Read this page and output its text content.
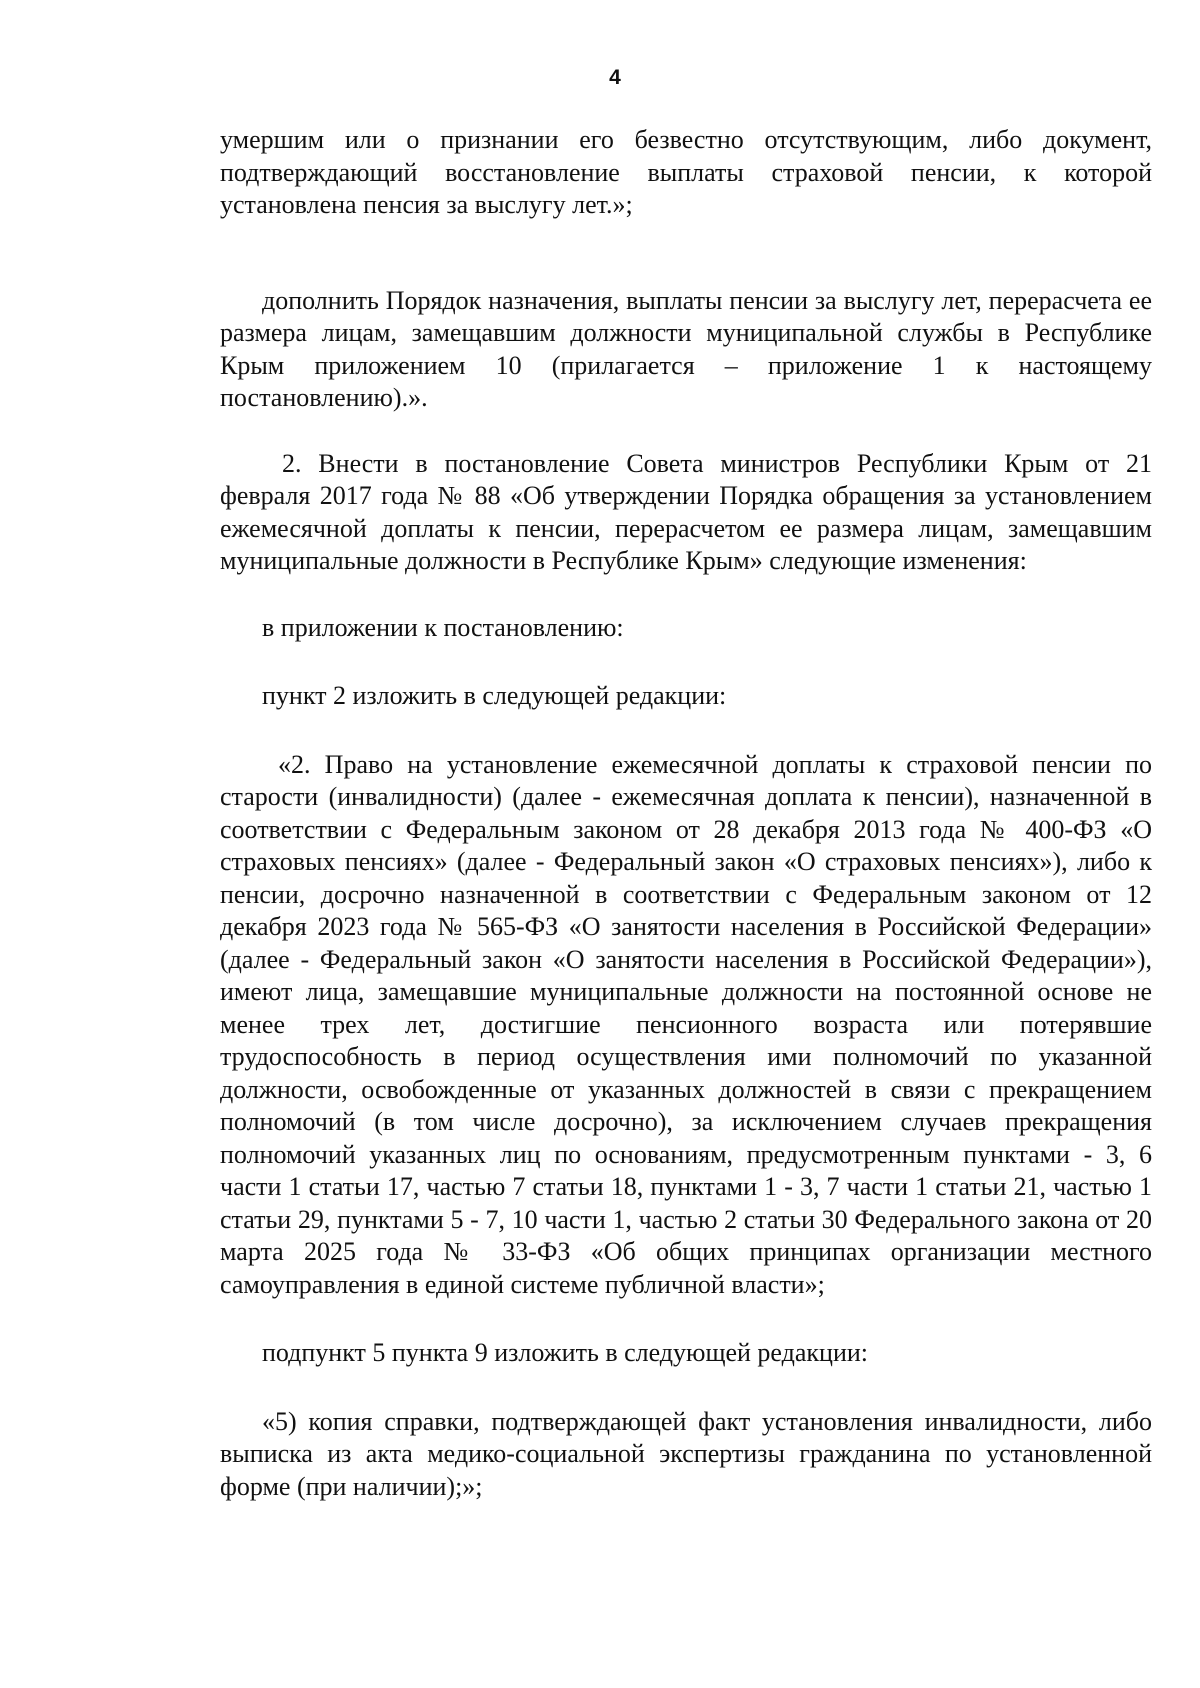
4

умершим или о признании его безвестно отсутствующим, либо документ, подтверждающий восстановление выплаты страховой пенсии, к которой установлена пенсия за выслугу лет.»;

дополнить Порядок назначения, выплаты пенсии за выслугу лет, перерасчета ее размера лицам, замещавшим должности муниципальной службы в Республике Крым приложением 10 (прилагается – приложение 1 к настоящему постановлению).».

2. Внести в постановление Совета министров Республики Крым от 21 февраля 2017 года № 88 «Об утверждении Порядка обращения за установлением ежемесячной доплаты к пенсии, перерасчетом ее размера лицам, замещавшим муниципальные должности в Республике Крым» следующие изменения:

в приложении к постановлению:

пункт 2 изложить в следующей редакции:

«2. Право на установление ежемесячной доплаты к страховой пенсии по старости (инвалидности) (далее - ежемесячная доплата к пенсии), назначенной в соответствии с Федеральным законом от 28 декабря 2013 года № 400-ФЗ «О страховых пенсиях» (далее - Федеральный закон «О страховых пенсиях»), либо к пенсии, досрочно назначенной в соответствии с Федеральным законом от 12 декабря 2023 года № 565-ФЗ «О занятости населения в Российской Федерации» (далее - Федеральный закон «О занятости населения в Российской Федерации»), имеют лица, замещавшие муниципальные должности на постоянной основе не менее трех лет, достигшие пенсионного возраста или потерявшие трудоспособность в период осуществления ими полномочий по указанной должности, освобожденные от указанных должностей в связи с прекращением полномочий (в том числе досрочно), за исключением случаев прекращения полномочий указанных лиц по основаниям, предусмотренным пунктами - 3, 6 части 1 статьи 17, частью 7 статьи 18, пунктами 1 - 3, 7 части 1 статьи 21, частью 1 статьи 29, пунктами 5 - 7, 10 части 1, частью 2 статьи 30 Федерального закона от 20 марта 2025 года № 33-ФЗ «Об общих принципах организации местного самоуправления в единой системе публичной власти»;

подпункт 5 пункта 9 изложить в следующей редакции:

«5) копия справки, подтверждающей факт установления инвалидности, либо выписка из акта медико-социальной экспертизы гражданина по установленной форме (при наличии);»;
